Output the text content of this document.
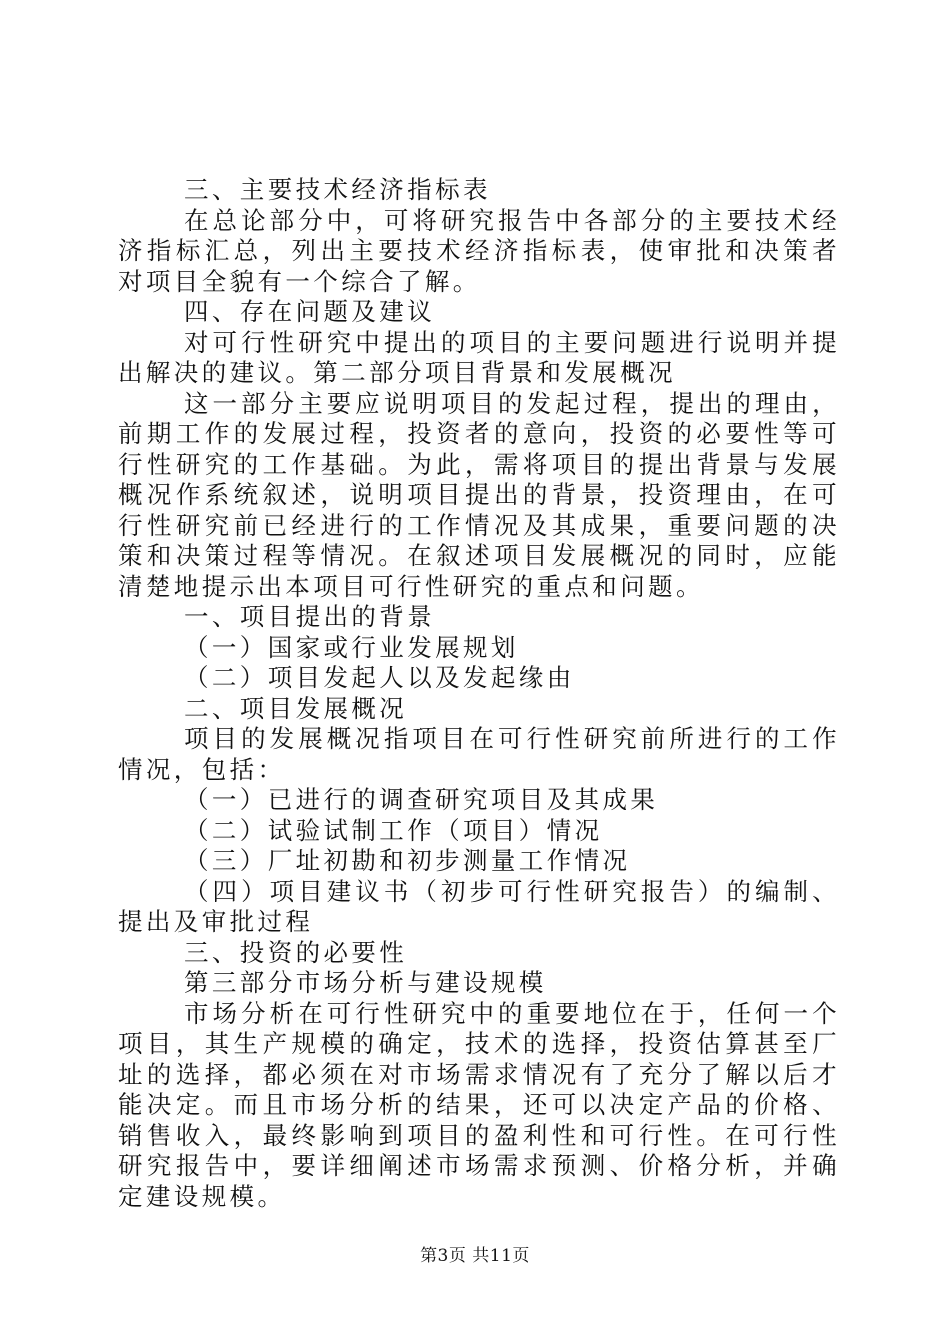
三、主要技术经济指标表

在总论部分中，可将研究报告中各部分的主要技术经济指标汇总，列出主要技术经济指标表，使审批和决策者对项目全貌有一个综合了解。

四、存在问题及建议

对可行性研究中提出的项目的主要问题进行说明并提出解决的建议。第二部分项目背景和发展概况

这一部分主要应说明项目的发起过程，提出的理由，前期工作的发展过程，投资者的意向，投资的必要性等可行性研究的工作基础。为此，需将项目的提出背景与发展概况作系统叙述，说明项目提出的背景，投资理由，在可行性研究前已经进行的工作情况及其成果，重要问题的决策和决策过程等情况。在叙述项目发展概况的同时，应能清楚地提示出本项目可行性研究的重点和问题。

一、项目提出的背景

（一）国家或行业发展规划

（二）项目发起人以及发起缘由

二、项目发展概况

项目的发展概况指项目在可行性研究前所进行的工作情况，包括：

（一）已进行的调查研究项目及其成果

（二）试验试制工作（项目）情况

（三）厂址初勘和初步测量工作情况

（四）项目建议书（初步可行性研究报告）的编制、提出及审批过程

三、投资的必要性

第三部分市场分析与建设规模

市场分析在可行性研究中的重要地位在于，任何一个项目，其生产规模的确定，技术的选择，投资估算甚至厂址的选择，都必须在对市场需求情况有了充分了解以后才能决定。而且市场分析的结果，还可以决定产品的价格、销售收入，最终影响到项目的盈利性和可行性。在可行性研究报告中，要详细阐述市场需求预测、价格分析，并确定建设规模。

第3页 共11页
